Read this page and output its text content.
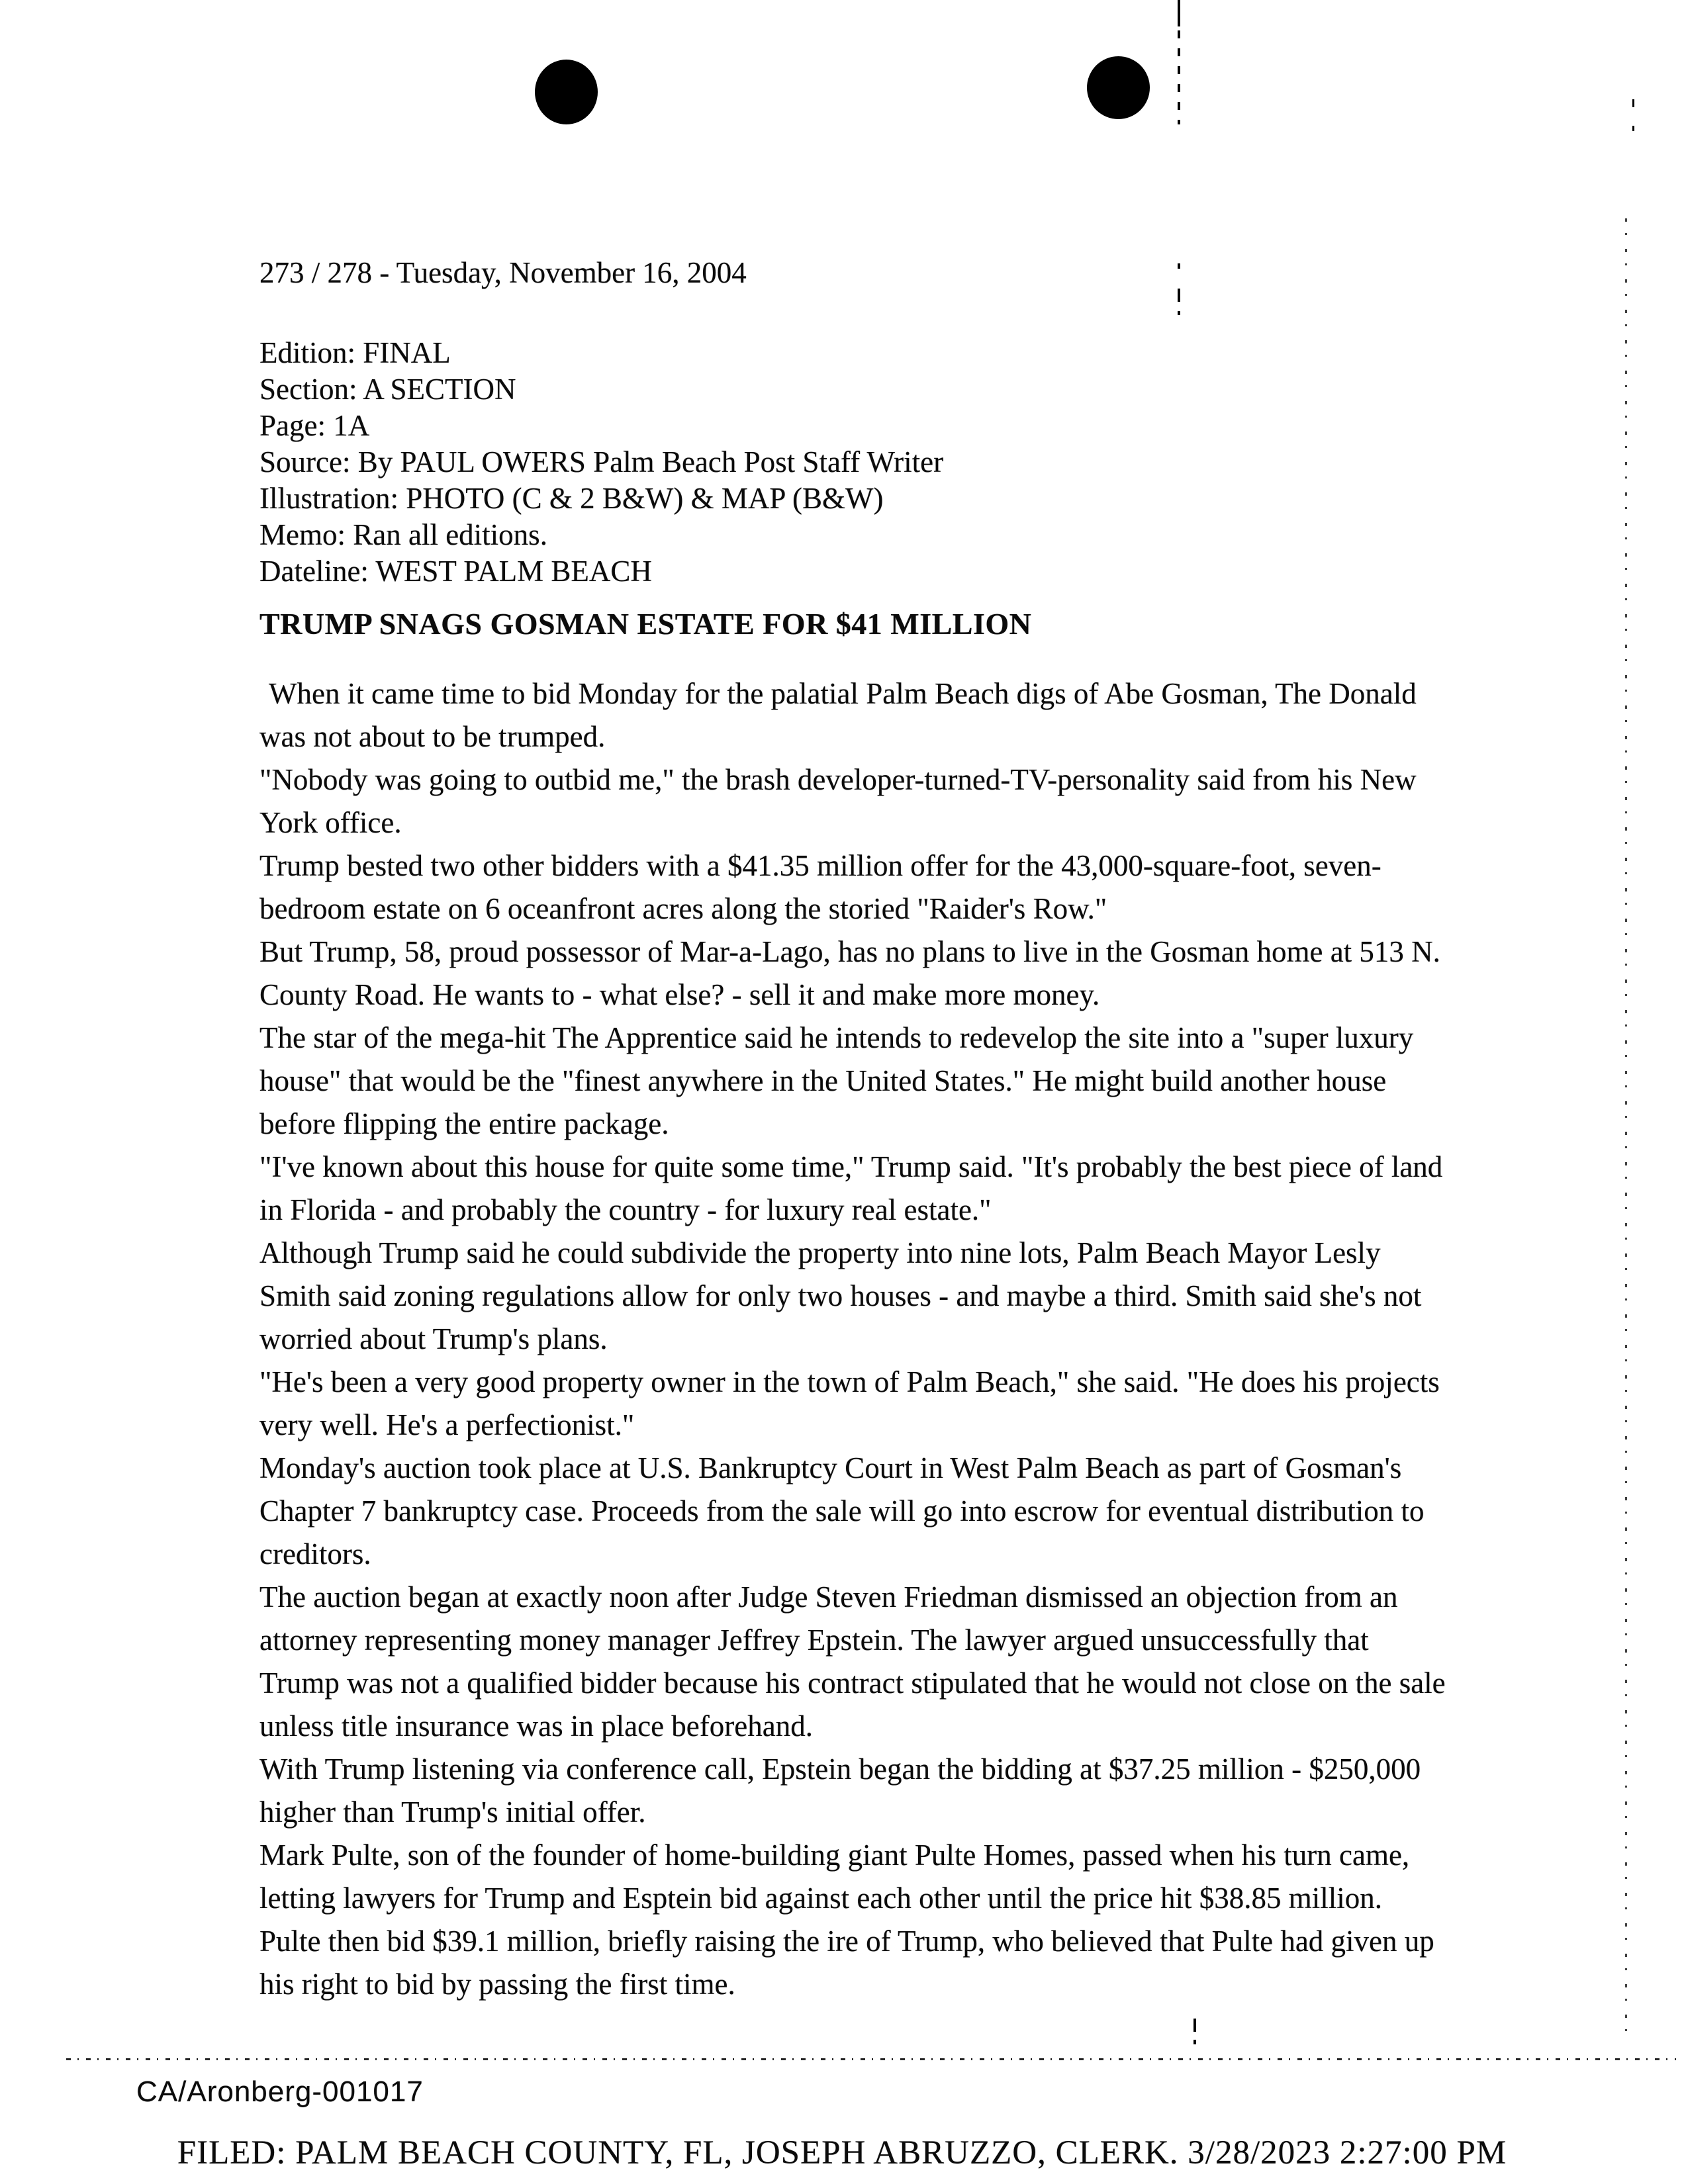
273 / 278 - Tuesday, November 16, 2004
Edition: FINAL
Section: A SECTION
Page: 1A
Source: By PAUL OWERS Palm Beach Post Staff Writer
Illustration: PHOTO (C & 2 B&W) & MAP (B&W)
Memo: Ran all editions.
Dateline: WEST PALM BEACH
TRUMP SNAGS GOSMAN ESTATE FOR $41 MILLION

When it came time to bid Monday for the palatial Palm Beach digs of Abe Gosman, The Donald was not about to be trumped.

"Nobody was going to outbid me," the brash developer-turned-TV-personality said from his New York office.

Trump bested two other bidders with a $41.35 million offer for the 43,000-square-foot, seven-bedroom estate on 6 oceanfront acres along the storied "Raider's Row."

But Trump, 58, proud possessor of Mar-a-Lago, has no plans to live in the Gosman home at 513 N. County Road. He wants to - what else? - sell it and make more money.

The star of the mega-hit The Apprentice said he intends to redevelop the site into a "super luxury house" that would be the "finest anywhere in the United States." He might build another house before flipping the entire package.

"I've known about this house for quite some time," Trump said. "It's probably the best piece of land in Florida - and probably the country - for luxury real estate."

Although Trump said he could subdivide the property into nine lots, Palm Beach Mayor Lesly Smith said zoning regulations allow for only two houses - and maybe a third. Smith said she's not worried about Trump's plans.

"He's been a very good property owner in the town of Palm Beach," she said. "He does his projects very well. He's a perfectionist."

Monday's auction took place at U.S. Bankruptcy Court in West Palm Beach as part of Gosman's Chapter 7 bankruptcy case. Proceeds from the sale will go into escrow for eventual distribution to creditors.

The auction began at exactly noon after Judge Steven Friedman dismissed an objection from an attorney representing money manager Jeffrey Epstein. The lawyer argued unsuccessfully that Trump was not a qualified bidder because his contract stipulated that he would not close on the sale unless title insurance was in place beforehand.

With Trump listening via conference call, Epstein began the bidding at $37.25 million - $250,000 higher than Trump's initial offer.

Mark Pulte, son of the founder of home-building giant Pulte Homes, passed when his turn came, letting lawyers for Trump and Esptein bid against each other until the price hit $38.85 million.

Pulte then bid $39.1 million, briefly raising the ire of Trump, who believed that Pulte had given up his right to bid by passing the first time.

CA/Aronberg-001017
FILED: PALM BEACH COUNTY, FL, JOSEPH ABRUZZO, CLERK. 3/28/2023 2:27:00 PM
